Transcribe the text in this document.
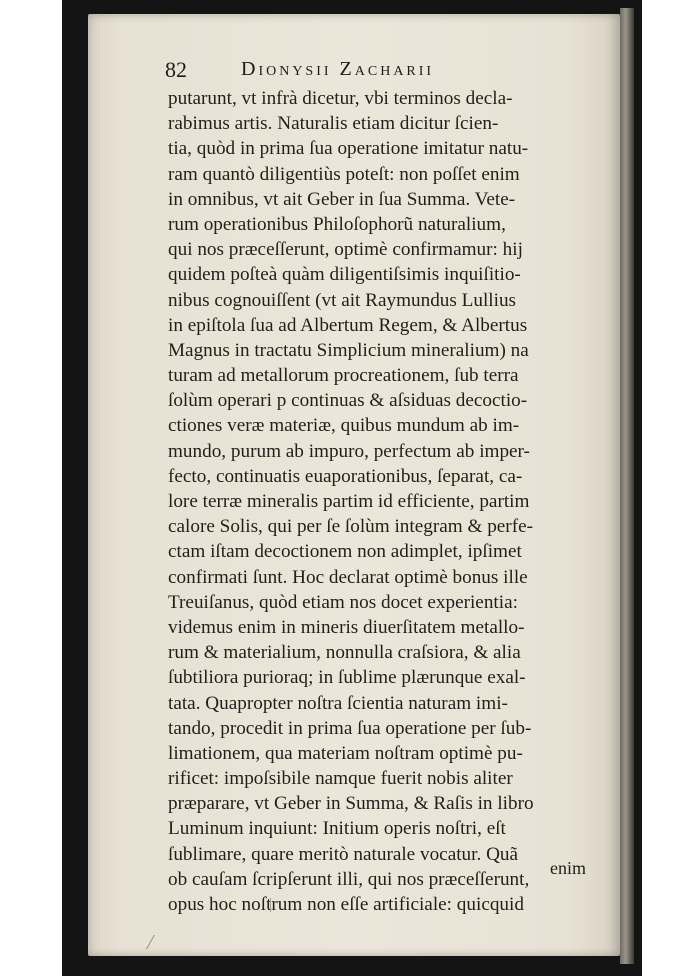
82	Dionysii Zacharii
putarunt, vt infrà dicetur, vbi terminos decla-
rabimus artis. Naturalis etiam dicitur ſcien-
tia, quòd in prima ſua operatione imitatur natu-
ram quantò diligentiùs poteſt: non poſſet enim
in omnibus, vt ait Geber in ſua Summa. Vete-
rum operationibus Philoſophorũ naturalium,
qui nos præceſſerunt, optimè confirmamur: hij
quidem poſteà quàm diligentiſsimis inquiſitio-
nibus cognouiſſent (vt ait Raymundus Lullius
in epiſtola ſua ad Albertum Regem, & Albertus
Magnus in tractatu Simplicium mineralium) na
turam ad metallorum procreationem, ſub terra
ſolùm operari p continuas & aſsiduas decoctio-
ctiones veræ materiæ, quibus mundum ab im-
mundo, purum ab impuro, perfectum ab imper-
fecto, continuatis euaporationibus, ſeparat, ca-
lore terræ mineralis partim id efficiente, partim
calore Solis, qui per ſe ſolùm integram & perfe-
ctam iſtam decoctionem non adimplet, ipſimet
confirmati ſunt. Hoc declarat optimè bonus ille
Treuiſanus, quòd etiam nos docet experientia:
videmus enim in mineris diuerſitatem metallo-
rum & materialium, nonnulla craſsiora, & alia
ſubtiliora purioraq; in ſublime plærunque exal-
tata. Quapropter noſtra ſcientia naturam imi-
tando, procedit in prima ſua operatione per ſub-
limationem, qua materiam noſtram optimè pu-
rificet: impoſsibile namque fuerit nobis aliter
præparare, vt Geber in Summa, & Raſis in libro
Luminum inquiunt: Initium operis noſtri, eſt
ſublimare, quare meritò naturale vocatur. Quã
ob cauſam ſcripſerunt illi, qui nos præceſſerunt,
opus hoc noſtrum non eſſe artificiale: quicquid
enim
